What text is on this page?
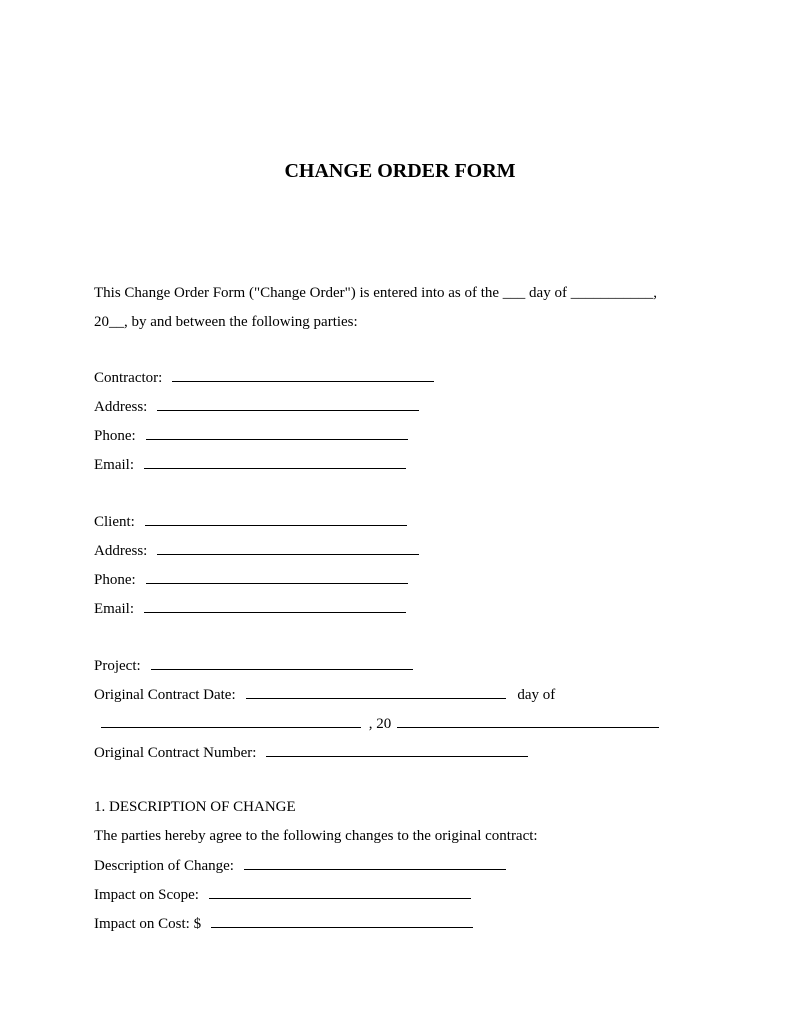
CHANGE ORDER FORM
This Change Order Form ("Change Order") is entered into as of the ___ day of ___________,
20__, by and between the following parties:
Contractor:
Address:
Phone:
Email:
Client:
Address:
Phone:
Email:
Project:
Original Contract Date:	day of
, 20
Original Contract Number:
1. DESCRIPTION OF CHANGE
The parties hereby agree to the following changes to the original contract:
Description of Change:
Impact on Scope:
Impact on Cost: $
